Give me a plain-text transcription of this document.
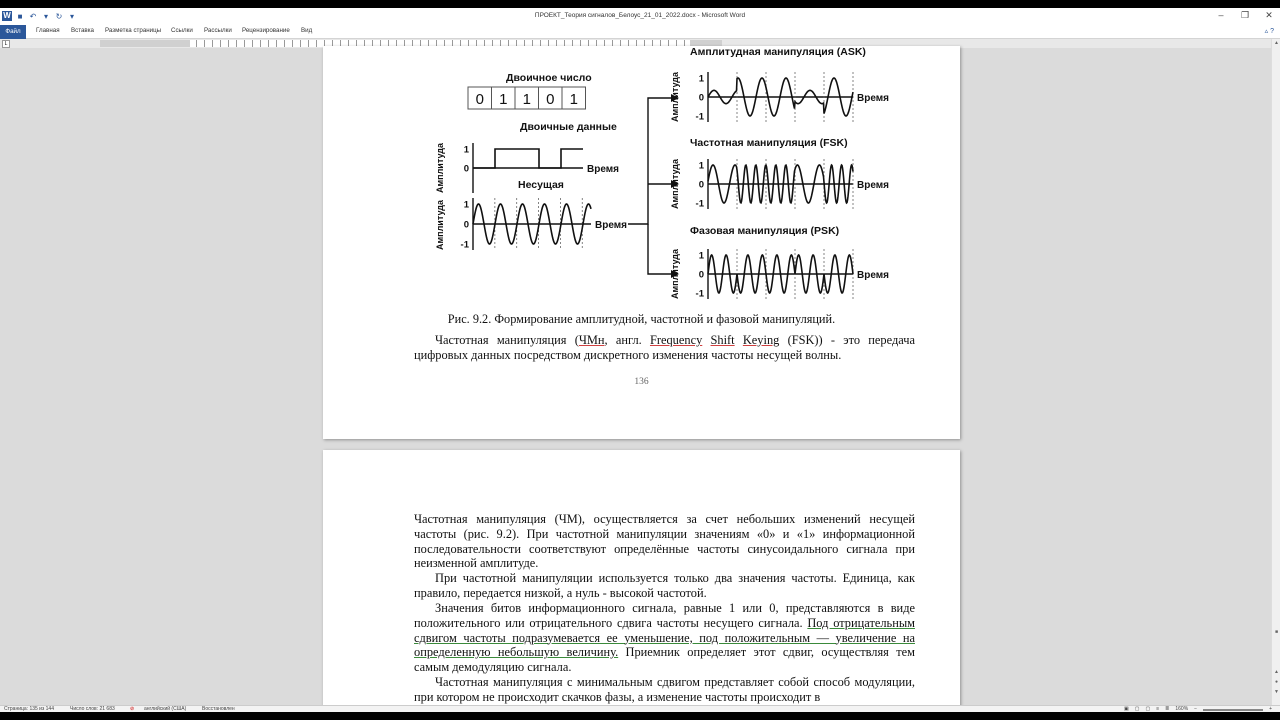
W ■ ↶ ▾ ↻ ▾	ПРОЕКТ_Теория сигналов_Белоус_21_01_2022.docx - Microsoft Word	– ❐ ✕
Файл	Главная Вставка Разметка страницы Ссылки Рассылки Рецензирование Вид	▵ ?
L
Двоичное число
Двоичные данные
Несущая
Амплитудная манипуляция (ASK)
Частотная манипуляция (FSK)
Фазовая манипуляция (PSK)
0 1 1 0 1
Амплитуда	Время
1
0
Амплитуда	Время
1
0
-1
Амплитуда	Время
1
0
-1
Амплитуда	Время
1
0
-1
Амплитуда	Время
1
0
-1
Рис. 9.2. Формирование амплитудной, частотной и фазовой манипуляций.
Частотная манипуляция (ЧМн, англ. Frequency Shift Keying (FSK)) - это передача цифровых данных посредством дискретного изменения частоты несущей волны.
136
Частотная манипуляция (ЧМ), осуществляется за счет небольших изменений несущей частоты (рис. 9.2). При частотной манипуляции значениям «0» и «1» информационной последовательности соответствуют определённые частоты синусоидального сигнала при неизменной амплитуде.
При частотной манипуляции используется только два значения частоты. Единица, как правило, передается низкой, а нуль - высокой частотой.
Значения битов информационного сигнала, равные 1 или 0, представляются в виде положительного или отрицательного сдвига частоты несущего сигнала. Под отрицательным сдвигом частоты подразумевается ее уменьшение, под положительным — увеличение на определенную небольшую величину. Приемник определяет этот сдвиг, осуществляя тем самым демодуляцию сигнала.
Частотная манипуляция с минимальным сдвигом представляет собой способ модуляции, при котором не происходит скачков фазы, а изменение частоты происходит в
▲
■
▲
●
▼
Страница: 135 из 144	Число слов: 21 683	⊘ английский (США)	Восстановлен	▣ ▢ ▢ ≡ ≣ 160% −	+
